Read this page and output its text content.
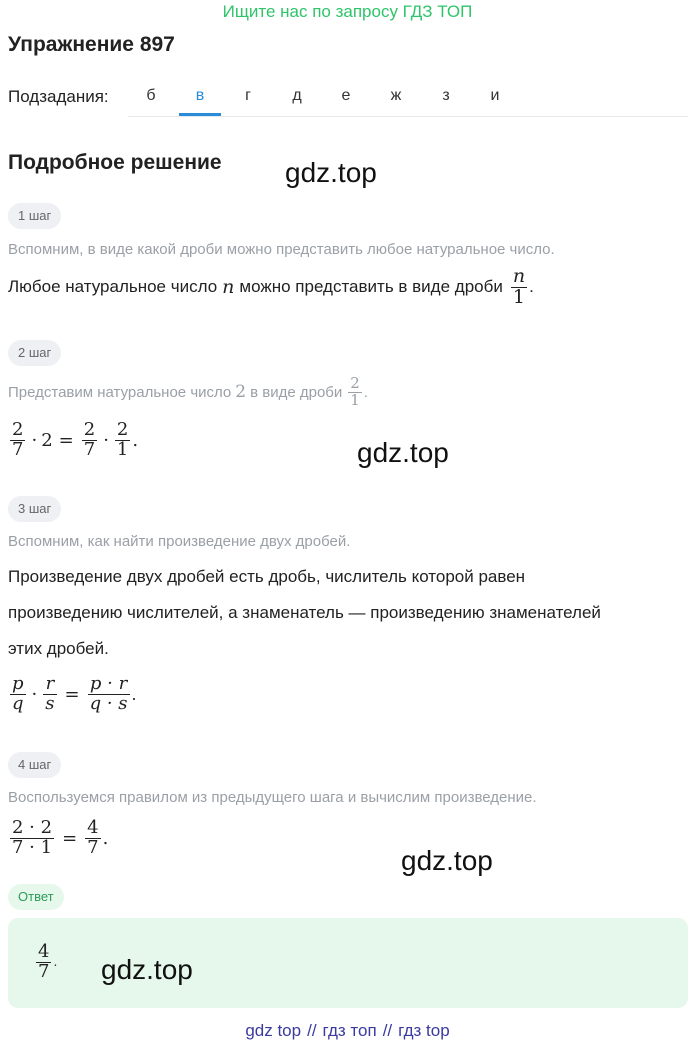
Ищите нас по запросу ГДЗ ТОП
Упражнение 897
Подзадания:	б	в	г	д	е	ж	з	и
Подробное решение gdz.top
1 шаг
Вспомним, в виде какой дроби можно представить любое натуральное число.
Любое натуральное число n можно представить в виде дроби $\frac{n}{1}$ .
2 шаг
Представим натуральное число 2 в виде дроби $\frac{2}{1}$ .
$\frac{2}{7} \cdot 2 = \frac{2}{7} \cdot \frac{2}{1}$ .	gdz.top
3 шаг
Вспомним, как найти произведение двух дробей.
Произведение двух дробей есть дробь, числитель которой равен
произведению числителей, а знаменатель — произведению знаменателей
этих дробей.
$\frac{p}{q} \cdot \frac{r}{s} = \frac{p \cdot r}{q \cdot s}$ .
4 шаг
Воспользуемся правилом из предыдущего шага и вычислим произведение.
$\frac{2 \cdot 2}{7 \cdot 1} = \frac{4}{7}$ .
gdz.top
Ответ
$\frac{4}{7}$ . gdz.top
gdz top // гдз топ // гдз top
